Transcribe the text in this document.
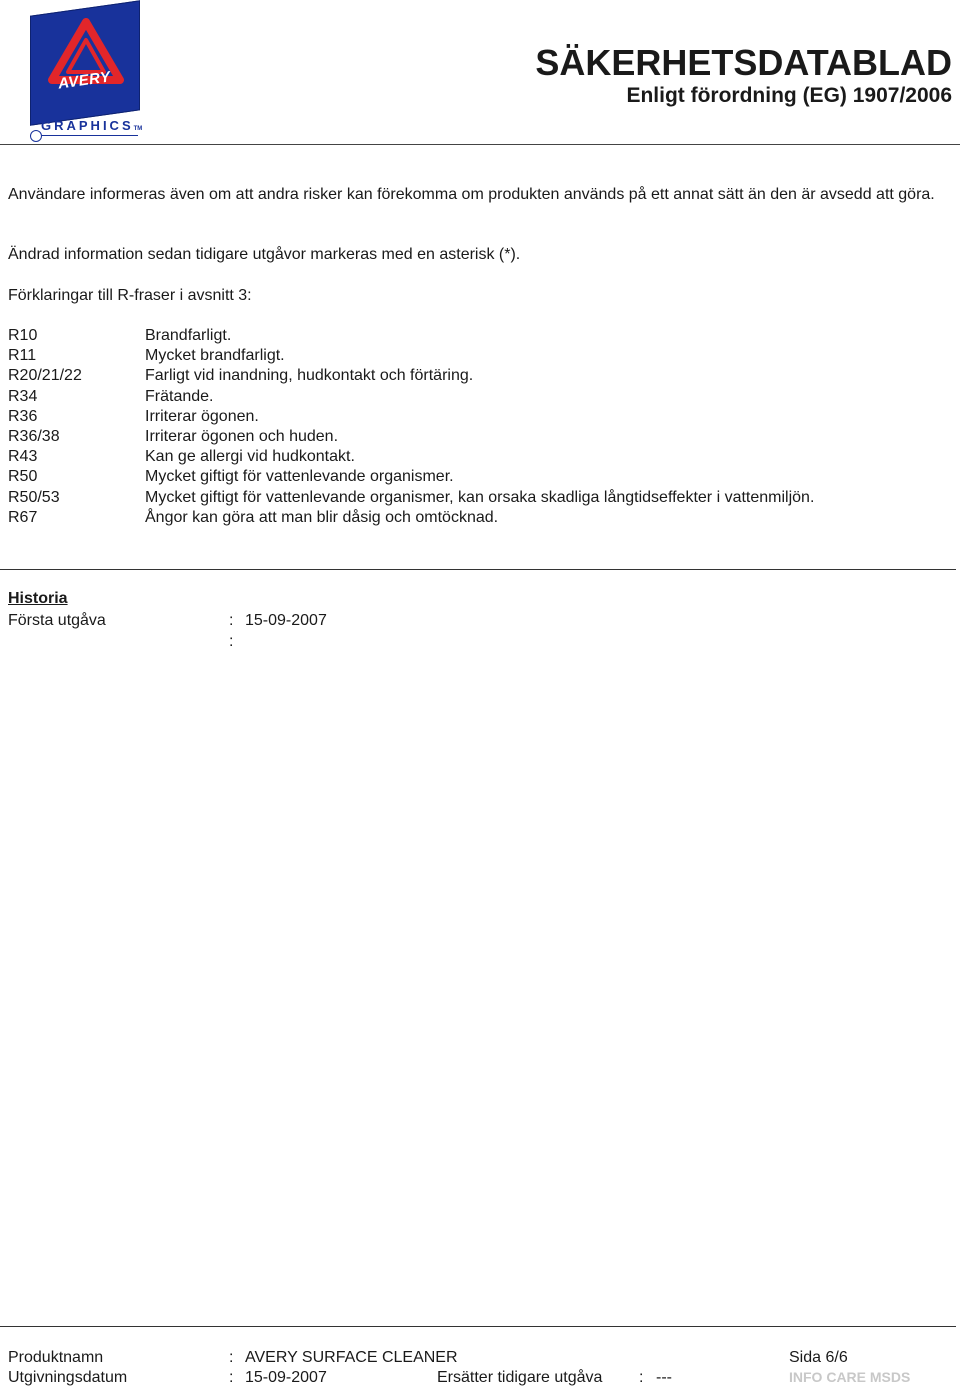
AVERY
GRAPHICSTM
SÄKERHETSDATABLAD
Enligt förordning (EG) 1907/2006
Användare informeras även om att andra risker kan förekomma om produkten används på ett annat sätt än den är avsedd att göra.
Ändrad information sedan tidigare utgåvor markeras med en asterisk (*).
Förklaringar till R-fraser i avsnitt 3:
R10	Brandfarligt.
R11	Mycket brandfarligt.
R20/21/22	Farligt vid inandning, hudkontakt och förtäring.
R34	Frätande.
R36	Irriterar ögonen.
R36/38	Irriterar ögonen och huden.
R43	Kan ge allergi vid hudkontakt.
R50	Mycket giftigt för vattenlevande organismer.
R50/53	Mycket giftigt för vattenlevande organismer, kan orsaka skadliga långtidseffekter i vattenmiljön.
R67	Ångor kan göra att man blir dåsig och omtöcknad.
Historia
Första utgåva	: 15-09-2007
:
Produktnamn	: AVERY SURFACE CLEANER	Sida 6/6
Utgivningsdatum	: 15-09-2007	Ersätter tidigare utgåva : ---	INFO CARE MSDS
